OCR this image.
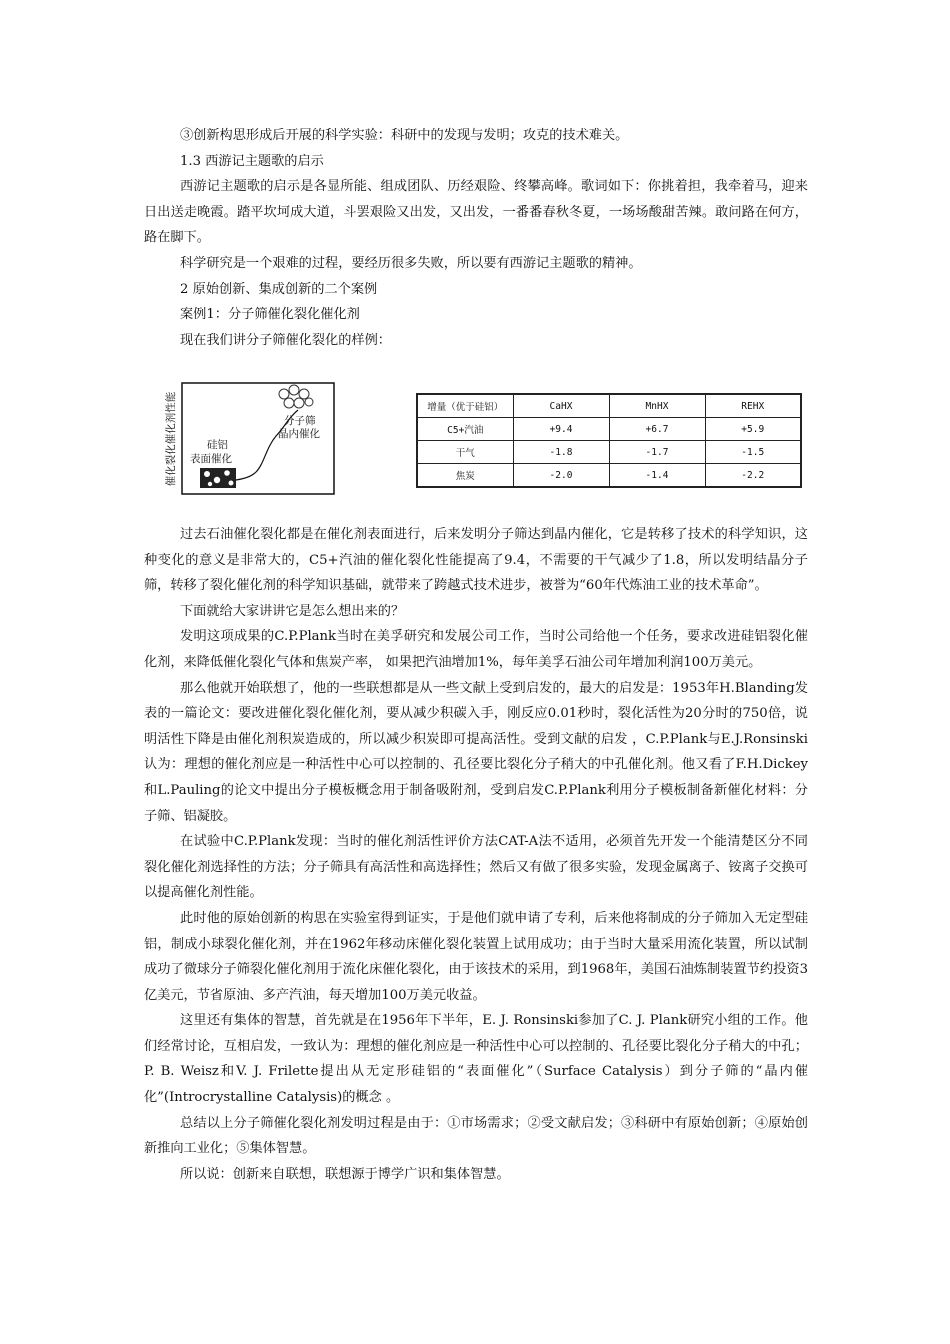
③创新构思形成后开展的科学实验：科研中的发现与发明；攻克的技术难关。

1.3 西游记主题歌的启示

西游记主题歌的启示是各显所能、组成团队、历经艰险、终攀高峰。歌词如下：你挑着担，我牵着马，迎来日出送走晚霞。踏平坎坷成大道，斗罢艰险又出发，又出发，一番番春秋冬夏，一场场酸甜苦辣。敢问路在何方，路在脚下。

科学研究是一个艰难的过程，要经历很多失败，所以要有西游记主题歌的精神。

2 原始创新、集成创新的二个案例

案例1：分子筛催化裂化催化剂

现在我们讲分子筛催化裂化的样例：

催化裂化催化剂性能	硅铝
表面催化
分子筛
晶内催化
增量（优于硅铝）	CaHX	MnHX	REHX
C5+汽油	+9.4	+6.7	+5.9
干气	-1.8	-1.7	-1.5
焦炭	-2.0	-1.4	-2.2

过去石油催化裂化都是在催化剂表面进行，后来发明分子筛达到晶内催化，它是转移了技术的科学知识，这种变化的意义是非常大的，C5+汽油的催化裂化性能提高了9.4，不需要的干气减少了1.8，所以发明结晶分子筛，转移了裂化催化剂的科学知识基础，就带来了跨越式技术进步，被誉为“60年代炼油工业的技术革命”。

下面就给大家讲讲它是怎么想出来的？

发明这项成果的C.P.Plank当时在美孚研究和发展公司工作，当时公司给他一个任务，要求改进硅铝裂化催化剂，来降低催化裂化气体和焦炭产率， 如果把汽油增加1%，每年美孚石油公司年增加利润100万美元。

那么他就开始联想了，他的一些联想都是从一些文献上受到启发的，最大的启发是：1953年H.Blanding发表的一篇论文：要改进催化裂化催化剂，要从减少积碳入手，刚反应0.01秒时，裂化活性为20分时的750倍，说明活性下降是由催化剂积炭造成的，所以减少积炭即可提高活性。受到文献的启发 ，C.P.Plank与E.J.Ronsinski认为：理想的催化剂应是一种活性中心可以控制的、孔径要比裂化分子稍大的中孔催化剂。他又看了F.H.Dickey和L.Pauling的论文中提出分子模板概念用于制备吸附剂，受到启发C.P.Plank利用分子模板制备新催化材料：分子筛、铝凝胶。

在试验中C.P.Plank发现：当时的催化剂活性评价方法CAT-A法不适用，必须首先开发一个能清楚区分不同裂化催化剂选择性的方法；分子筛具有高活性和高选择性；然后又有做了很多实验，发现金属离子、铵离子交换可以提高催化剂性能。

此时他的原始创新的构思在实验室得到证实，于是他们就申请了专利，后来他将制成的分子筛加入无定型硅铝，制成小球裂化催化剂，并在1962年移动床催化裂化装置上试用成功；由于当时大量采用流化装置，所以试制成功了微球分子筛裂化催化剂用于流化床催化裂化，由于该技术的采用，到1968年，美国石油炼制装置节约投资3亿美元，节省原油、多产汽油，每天增加100万美元收益。

这里还有集体的智慧，首先就是在1956年下半年，E. J. Ronsinski参加了C. J. Plank研究小组的工作。他们经常讨论，互相启发，一致认为：理想的催化剂应是一种活性中心可以控制的、孔径要比裂化分子稍大的中孔；P. B. Weisz和V. J. Frilette提出从无定形硅铝的“表面催化”（Surface Catalysis）到分子筛的“晶内催化”(Introcrystalline Catalysis)的概念 。

总结以上分子筛催化裂化剂发明过程是由于：①市场需求；②受文献启发；③科研中有原始创新；④原始创新推向工业化；⑤集体智慧。

所以说：创新来自联想，联想源于博学广识和集体智慧。
